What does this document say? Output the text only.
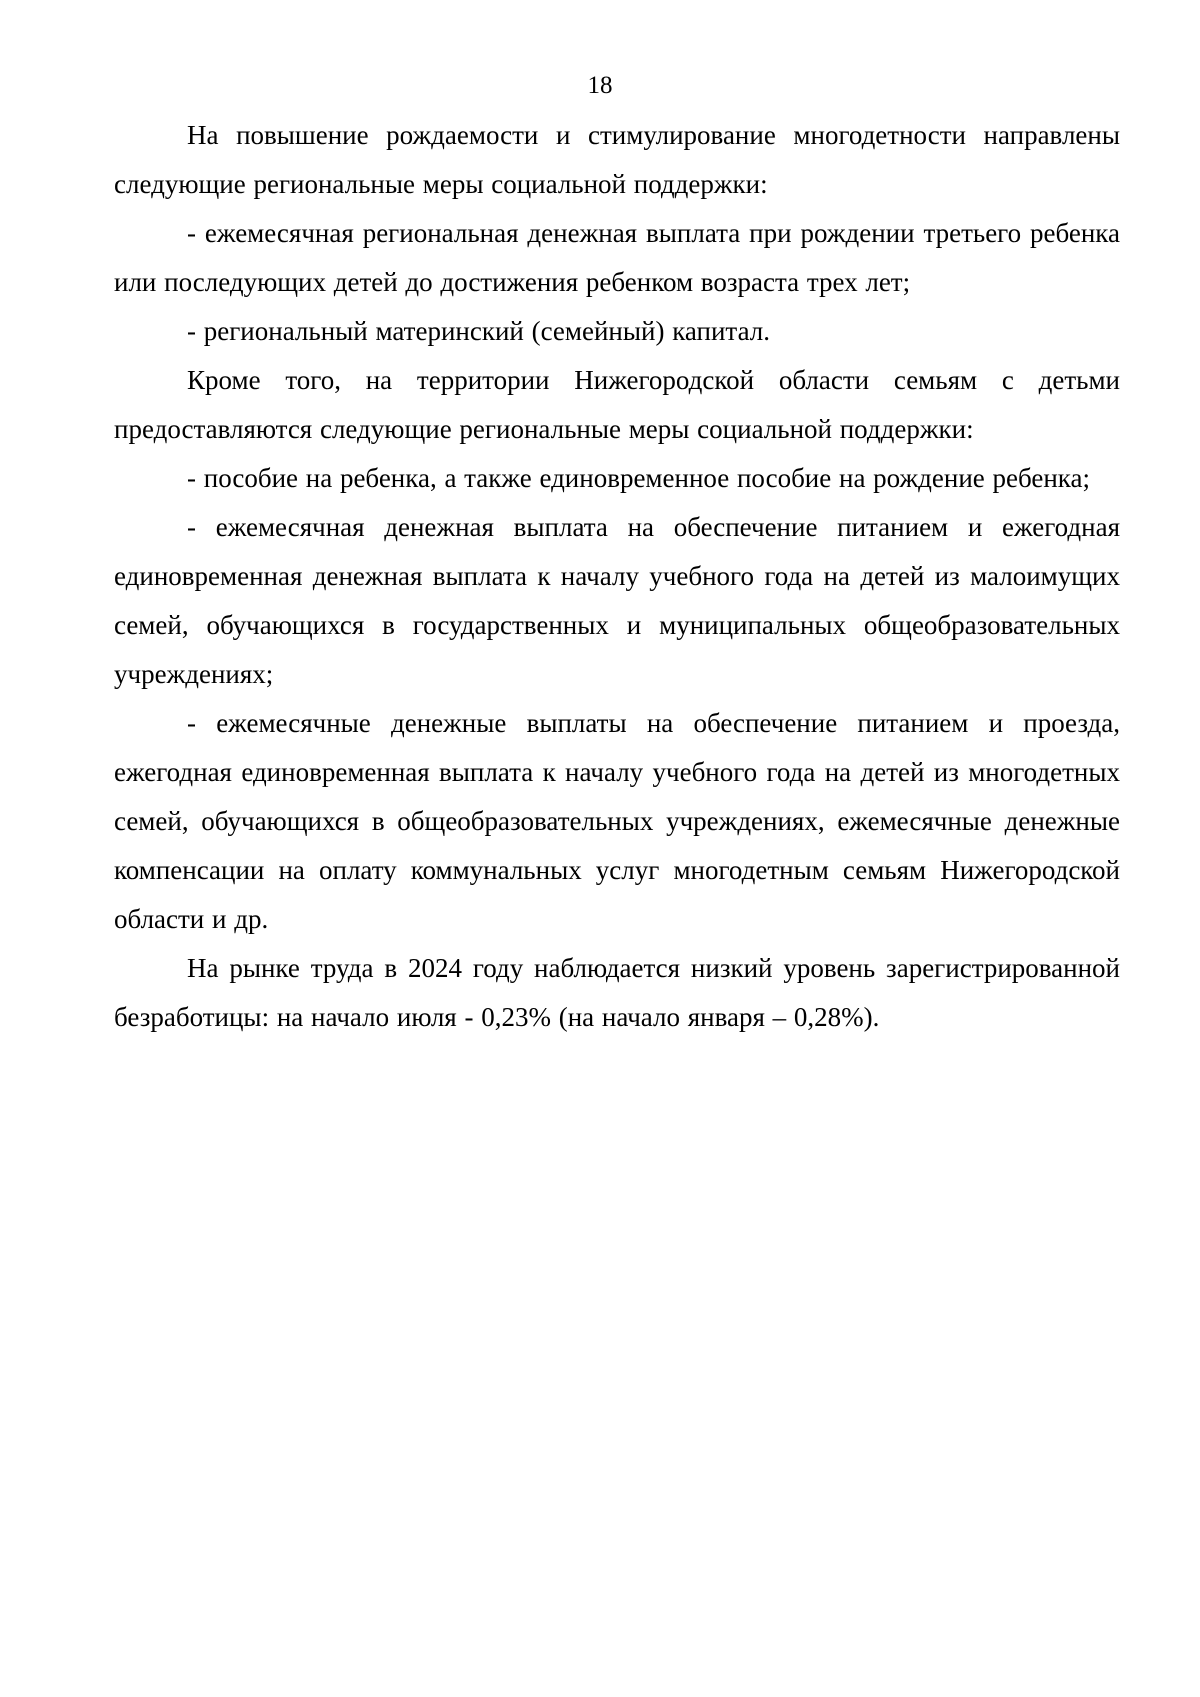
18

На повышение рождаемости и стимулирование многодетности направлены следующие региональные меры социальной поддержки:

- ежемесячная региональная денежная выплата при рождении третьего ребенка или последующих детей до достижения ребенком возраста трех лет;

- региональный материнский (семейный) капитал.

Кроме того, на территории Нижегородской области семьям с детьми предоставляются следующие региональные меры социальной поддержки:

- пособие на ребенка, а также единовременное пособие на рождение ребенка;

- ежемесячная денежная выплата на обеспечение питанием и ежегодная единовременная денежная выплата к началу учебного года на детей из малоимущих семей, обучающихся в государственных и муниципальных общеобразовательных учреждениях;

- ежемесячные денежные выплаты на обеспечение питанием и проезда, ежегодная единовременная выплата к началу учебного года на детей из многодетных семей, обучающихся в общеобразовательных учреждениях, ежемесячные денежные компенсации на оплату коммунальных услуг многодетным семьям Нижегородской области и др.

На рынке труда в 2024 году наблюдается низкий уровень зарегистрированной безработицы: на начало июля - 0,23% (на начало января – 0,28%).
